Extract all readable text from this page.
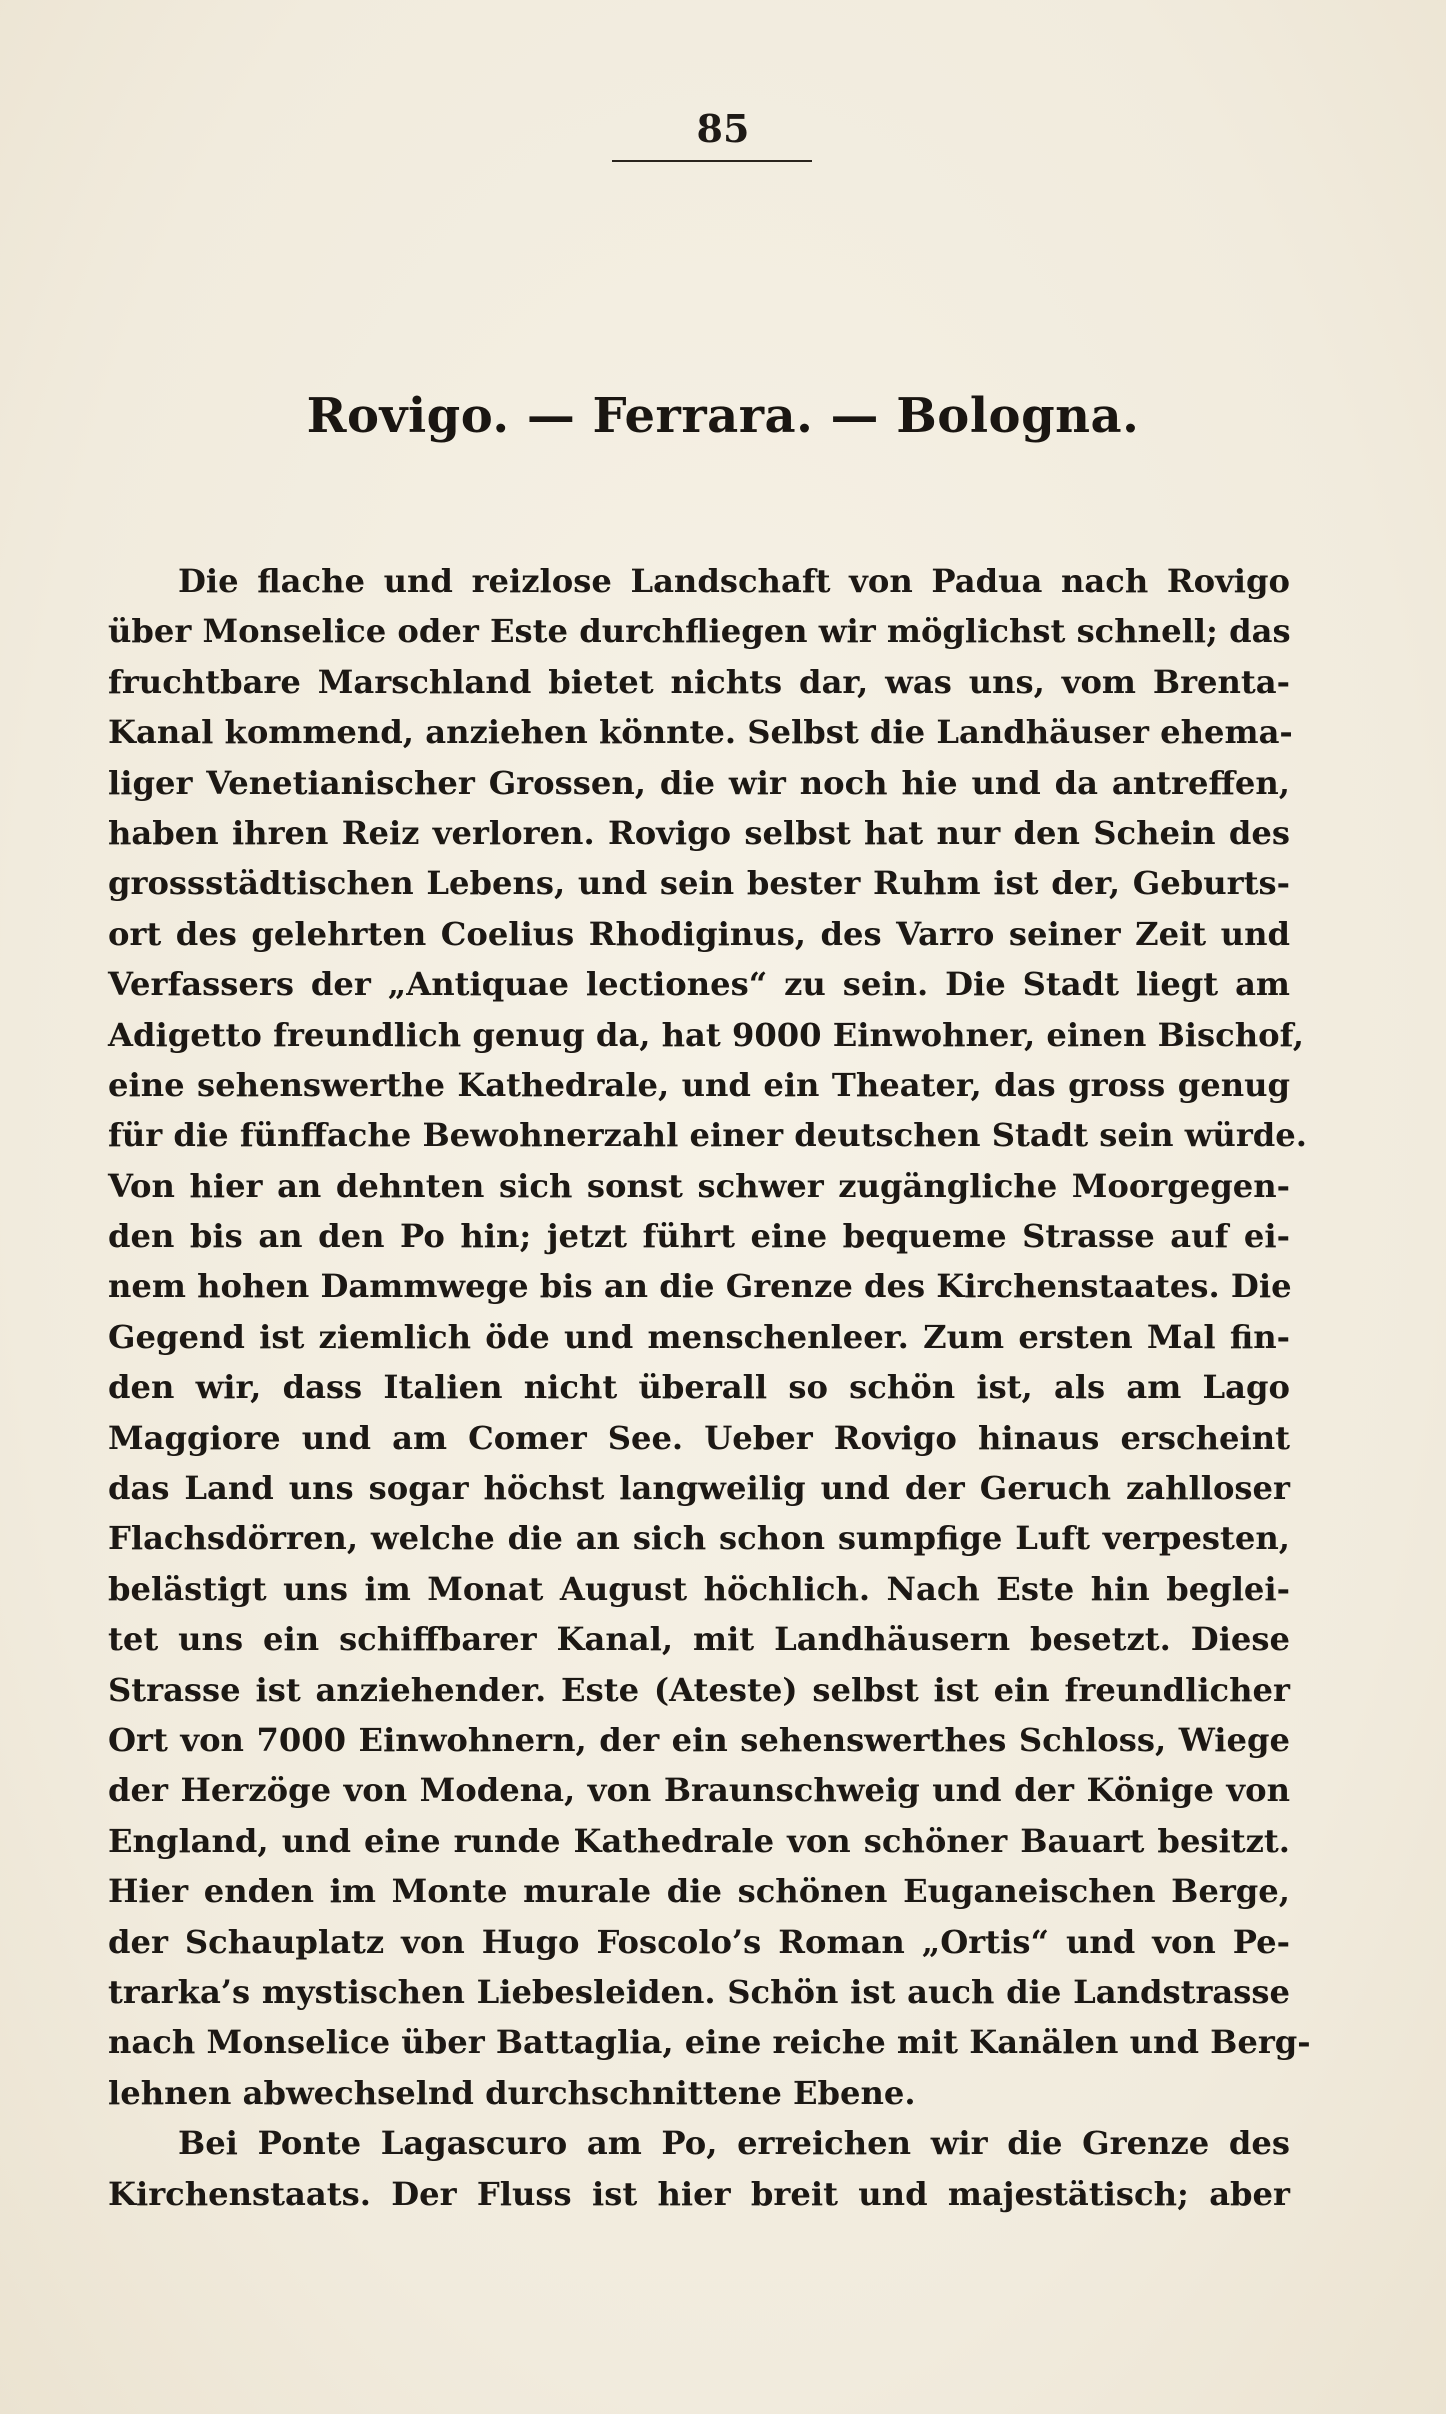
85
Rovigo. — Ferrara. — Bologna.
Die flache und reizlose Landschaft von Padua nach Rovigo
über Monselice oder Este durchfliegen wir möglichst schnell; das
fruchtbare Marschland bietet nichts dar, was uns, vom Brenta-
Kanal kommend, anziehen könnte. Selbst die Landhäuser ehema-
liger Venetianischer Grossen, die wir noch hie und da antreffen,
haben ihren Reiz verloren. Rovigo selbst hat nur den Schein des
grossstädtischen Lebens, und sein bester Ruhm ist der, Geburts-
ort des gelehrten Coelius Rhodiginus, des Varro seiner Zeit und
Verfassers der „Antiquae lectiones“ zu sein. Die Stadt liegt am
Adigetto freundlich genug da, hat 9000 Einwohner, einen Bischof,
eine sehenswerthe Kathedrale, und ein Theater, das gross genug
für die fünffache Bewohnerzahl einer deutschen Stadt sein würde.
Von hier an dehnten sich sonst schwer zugängliche Moorgegen-
den bis an den Po hin; jetzt führt eine bequeme Strasse auf ei-
nem hohen Dammwege bis an die Grenze des Kirchenstaates. Die
Gegend ist ziemlich öde und menschenleer. Zum ersten Mal fin-
den wir, dass Italien nicht überall so schön ist, als am Lago
Maggiore und am Comer See. Ueber Rovigo hinaus erscheint
das Land uns sogar höchst langweilig und der Geruch zahlloser
Flachsdörren, welche die an sich schon sumpfige Luft verpesten,
belästigt uns im Monat August höchlich. Nach Este hin beglei-
tet uns ein schiffbarer Kanal, mit Landhäusern besetzt. Diese
Strasse ist anziehender. Este (Ateste) selbst ist ein freundlicher
Ort von 7000 Einwohnern, der ein sehenswerthes Schloss, Wiege
der Herzöge von Modena, von Braunschweig und der Könige von
England, und eine runde Kathedrale von schöner Bauart besitzt.
Hier enden im Monte murale die schönen Euganeischen Berge,
der Schauplatz von Hugo Foscolo’s Roman „Ortis“ und von Pe-
trarka’s mystischen Liebesleiden. Schön ist auch die Landstrasse
nach Monselice über Battaglia, eine reiche mit Kanälen und Berg-
lehnen abwechselnd durchschnittene Ebene.
Bei Ponte Lagascuro am Po, erreichen wir die Grenze des
Kirchenstaats. Der Fluss ist hier breit und majestätisch; aber
